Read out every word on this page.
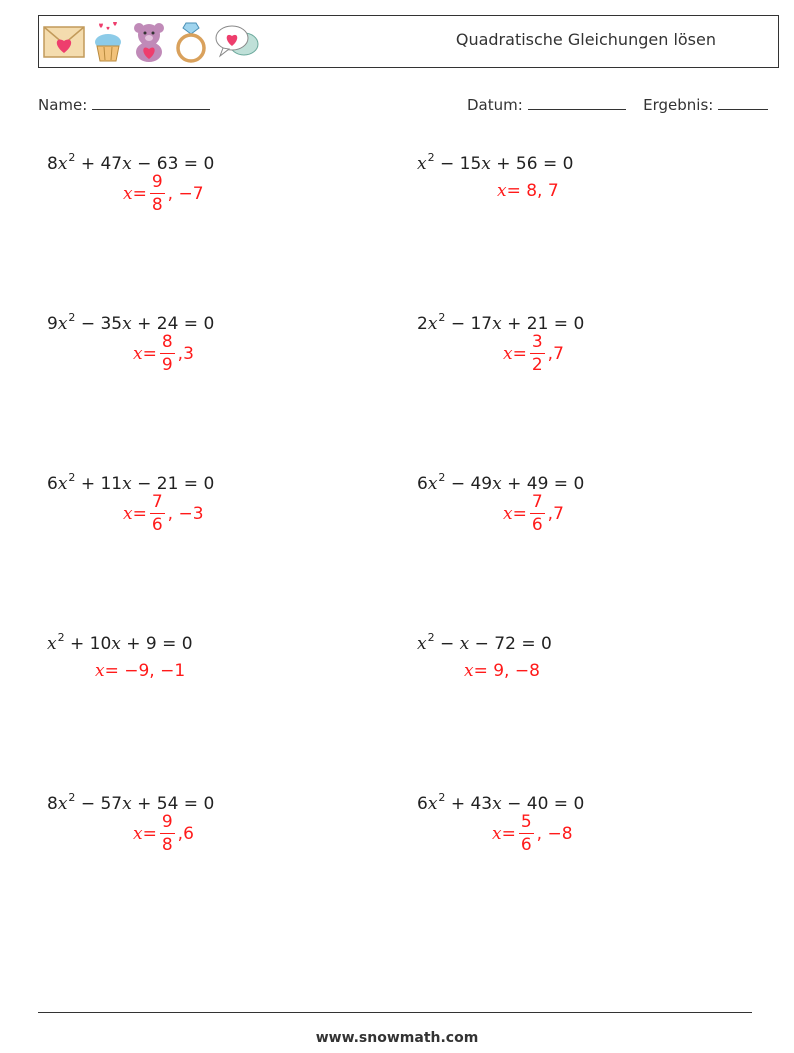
Quadratische Gleichungen lösen
Name:	Datum:	Ergebnis:
$8x^2 + 47x - 63 = 0$
$x = \frac{9}{8}$ , −7
$x^2 - 15x + 56 = 0$
x = 8, 7
$9x^2 - 35x + 24 = 0$
$x = \frac{8}{9} ,3$
$2x^2 - 17x + 21 = 0$
$x = \frac{3}{2} ,7$
$6x^2 + 11x - 21 = 0$
$x = \frac{7}{6}$ , −3
$6x^2 - 49x + 49 = 0$
$x = \frac{7}{6} ,7$
$x^2 + 10x + 9 = 0$
x = −9, −1
$x^2 - x - 72 = 0$
x = 9, −8
$8x^2 - 57x + 54 = 0$
$x = \frac{9}{8} ,6$
$6x^2 + 43x - 40 = 0$
$x = \frac{5}{6}$ , −8
www.snowmath.com
